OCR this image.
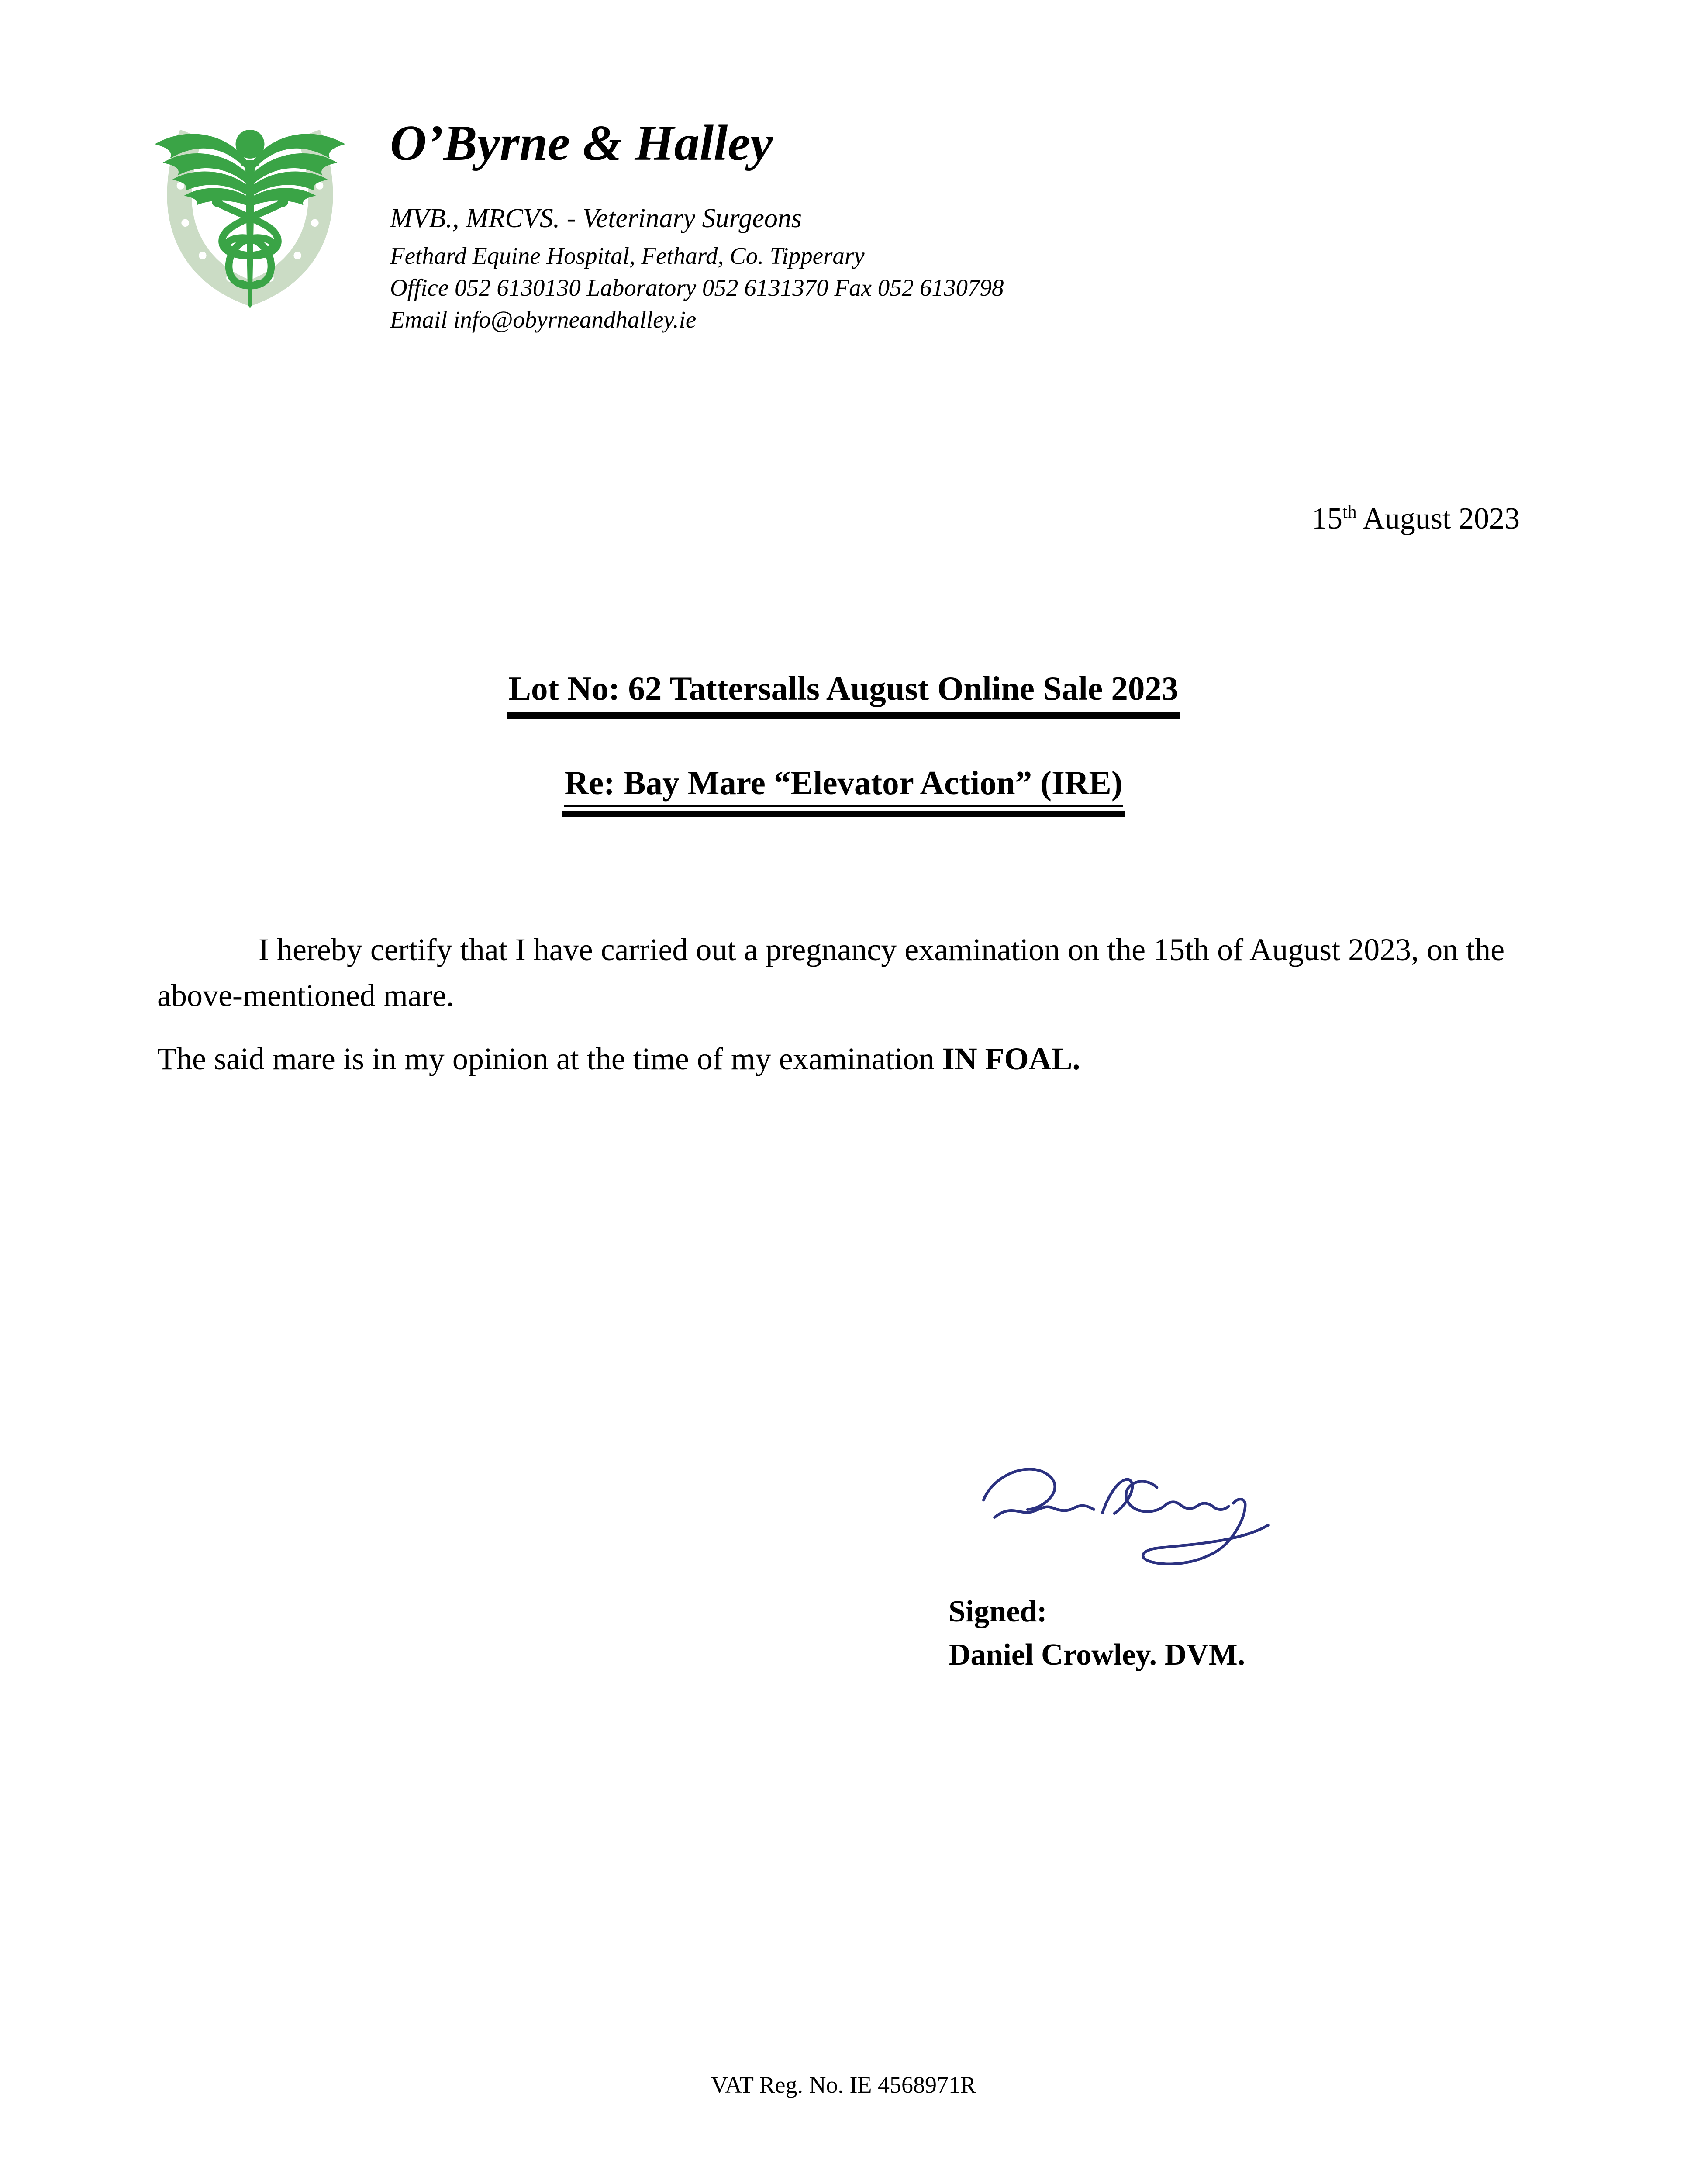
O’Byrne & Halley
MVB., MRCVS. - Veterinary Surgeons
Fethard Equine Hospital, Fethard, Co. Tipperary
Office 052 6130130 Laboratory 052 6131370 Fax 052 6130798
Email info@obyrneandhalley.ie
15th August 2023
Lot No: 62 Tattersalls August Online Sale 2023
Re: Bay Mare “Elevator Action” (IRE)
I hereby certify that I have carried out a pregnancy examination on the 15th of August 2023, on the above-mentioned mare.
The said mare is in my opinion at the time of my examination IN FOAL.
Signed:
Daniel Crowley. DVM.
VAT Reg. No. IE 4568971R
